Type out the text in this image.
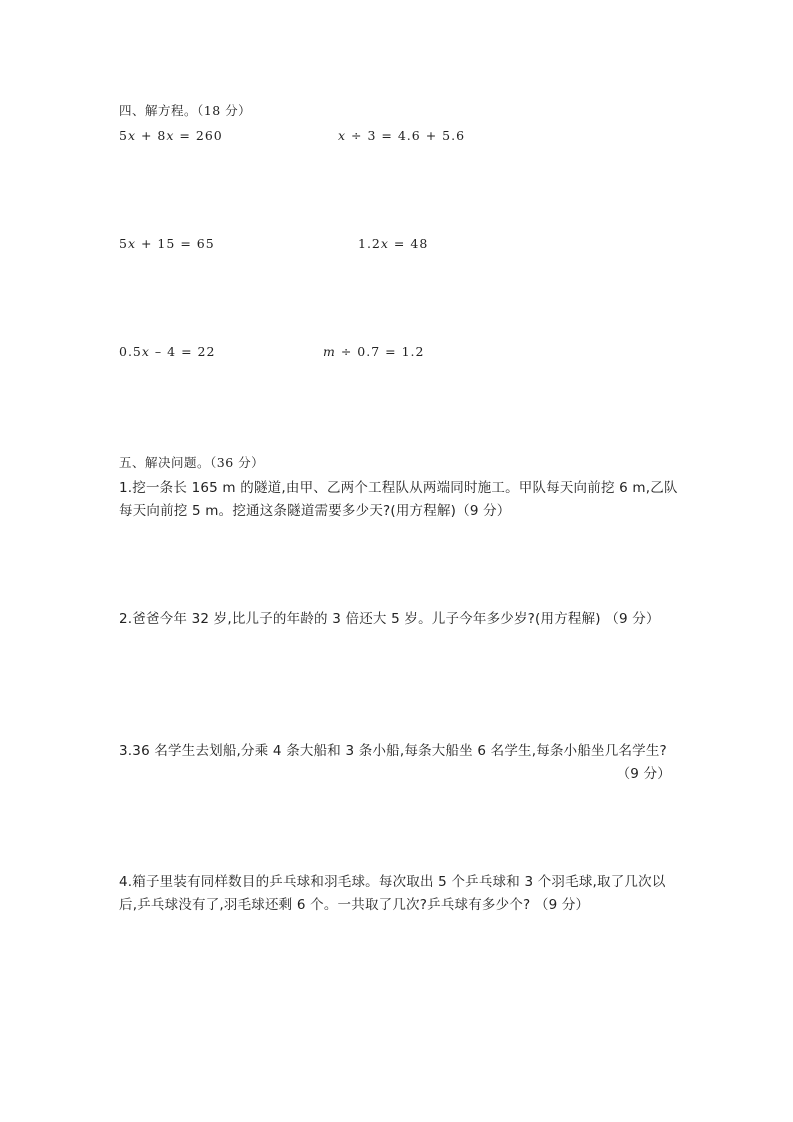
四、解方程。（18 分）
5x + 8x = 260	x ÷ 3 = 4.6 + 5.6
5x + 15 = 65	1.2x = 48
0.5x – 4 = 22	m ÷ 0.7 = 1.2
五、解决问题。（36 分）
1.挖一条长 165 m 的隧道,由甲、乙两个工程队从两端同时施工。甲队每天向前挖 6 m,乙队
每天向前挖 5 m。挖通这条隧道需要多少天?(用方程解)（9 分）
2.爸爸今年 32 岁,比儿子的年龄的 3 倍还大 5 岁。儿子今年多少岁?(用方程解) （9 分）
3.36 名学生去划船,分乘 4 条大船和 3 条小船,每条大船坐 6 名学生,每条小船坐几名学生?
（9 分）
4.箱子里装有同样数目的乒乓球和羽毛球。每次取出 5 个乒乓球和 3 个羽毛球,取了几次以
后,乒乓球没有了,羽毛球还剩 6 个。一共取了几次?乒乓球有多少个? （9 分）
